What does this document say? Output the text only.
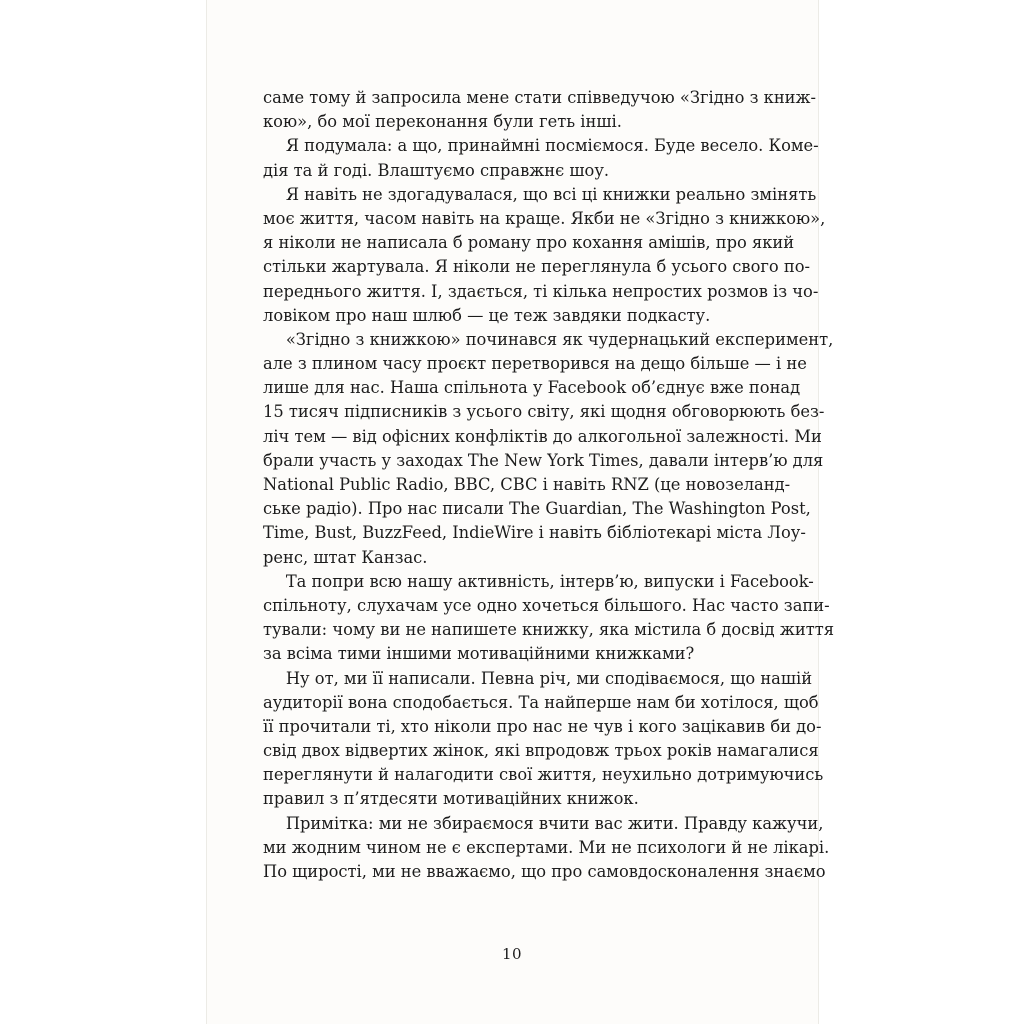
саме тому й запросила мене стати співведучою «Згідно з книж-
кою», бо мої переконання були геть інші.
Я подумала: а що, принаймні посміємося. Буде весело. Коме-
дія та й годі. Влаштуємо справжнє шоу.
Я навіть не здогадувалася, що всі ці книжки реально змінять
моє життя, часом навіть на краще. Якби не «Згідно з книжкою»,
я ніколи не написала б роману про кохання амішів, про який
стільки жартувала. Я ніколи не переглянула б усього свого по-
переднього життя. І, здається, ті кілька непростих розмов із чо-
ловіком про наш шлюб — це теж завдяки подкасту.
«Згідно з книжкою» починався як чудернацький експеримент,
але з плином часу проєкт перетворився на дещо більше — і не
лише для нас. Наша спільнота у Facebook об’єднує вже понад
15 тисяч підписників з усього світу, які щодня обговорюють без-
ліч тем — від офісних конфліктів до алкогольної залежності. Ми
брали участь у заходах The New York Times, давали інтерв’ю для
National Public Radio, BBC, CBC і навіть RNZ (це новозеланд-
ське радіо). Про нас писали The Guardian, The Washington Post,
Time, Bust, BuzzFeed, IndieWire і навіть бібліотекарі міста Лоу-
ренс, штат Канзас.
Та попри всю нашу активність, інтерв’ю, випуски і Facebook-
спільноту, слухачам усе одно хочеться більшого. Нас часто запи-
тували: чому ви не напишете книжку, яка містила б досвід життя
за всіма тими іншими мотиваційними книжками?
Ну от, ми її написали. Певна річ, ми сподіваємося, що нашій
аудиторії вона сподобається. Та найперше нам би хотілося, щоб
її прочитали ті, хто ніколи про нас не чув і кого зацікавив би до-
свід двох відвертих жінок, які впродовж трьох років намагалися
переглянути й налагодити свої життя, неухильно дотримуючись
правил з п’ятдесяти мотиваційних книжок.
Примітка: ми не збираємося вчити вас жити. Правду кажучи,
ми жодним чином не є експертами. Ми не психологи й не лікарі.
По щирості, ми не вважаємо, що про самовдосконалення знаємо
10
